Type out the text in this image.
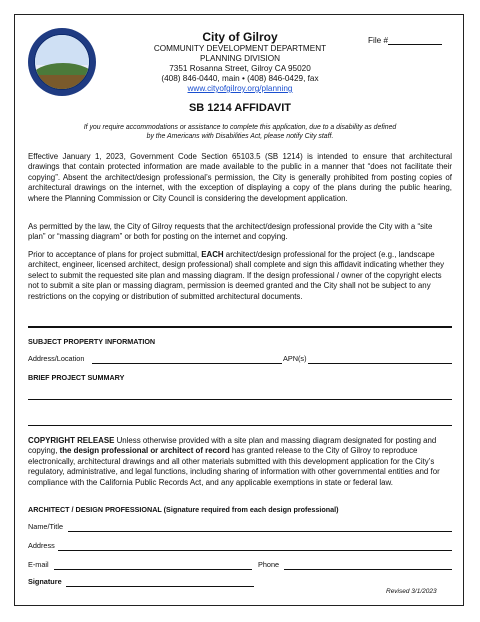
City of Gilroy
COMMUNITY DEVELOPMENT DEPARTMENT
PLANNING DIVISION
7351 Rosanna Street, Gilroy CA 95020
(408) 846-0440, main • (408) 846-0429, fax
www.cityofgilroy.org/planning
File #
SB 1214 AFFIDAVIT
If you require accommodations or assistance to complete this application, due to a disability as defined by the Americans with Disabilities Act, please notify City staff.
Effective January 1, 2023, Government Code Section 65103.5 (SB 1214) is intended to ensure that architectural drawings that contain protected information are made available to the public in a manner that “does not facilitate their copying”. Absent the architect/design professional’s permission, the City is generally prohibited from posting copies of architectural drawings on the internet, with the exception of displaying a copy of the plans during the public hearing, where the Planning Commission or City Council is considering the development application.
As permitted by the law, the City of Gilroy requests that the architect/design professional provide the City with a “site plan” or “massing diagram” or both for posting on the internet and copying.
Prior to acceptance of plans for project submittal, EACH architect/design professional for the project (e.g., landscape architect, engineer, licensed architect, design professional) shall complete and sign this affidavit indicating whether they select to submit the requested site plan and massing diagram. If the design professional / owner of the copyright elects not to submit a site plan or massing diagram, permission is deemed granted and the City shall not be subject to any restrictions on the copying or distribution of submitted architectural documents.
SUBJECT PROPERTY INFORMATION
Address/Location	APN(s)
BRIEF PROJECT SUMMARY
COPYRIGHT RELEASE Unless otherwise provided with a site plan and massing diagram designated for posting and copying, the design professional or architect of record has granted release to the City of Gilroy to reproduce electronically, architectural drawings and all other materials submitted with this development application for the City’s regulatory, administrative, and legal functions, including sharing of information with other governmental entities and for compliance with the California Public Records Act, and any applicable exemptions in state or federal law.
ARCHITECT / DESIGN PROFESSIONAL (Signature required from each design professional)
Name/Title
Address
E-mail	Phone
Signature
Revised 3/1/2023
